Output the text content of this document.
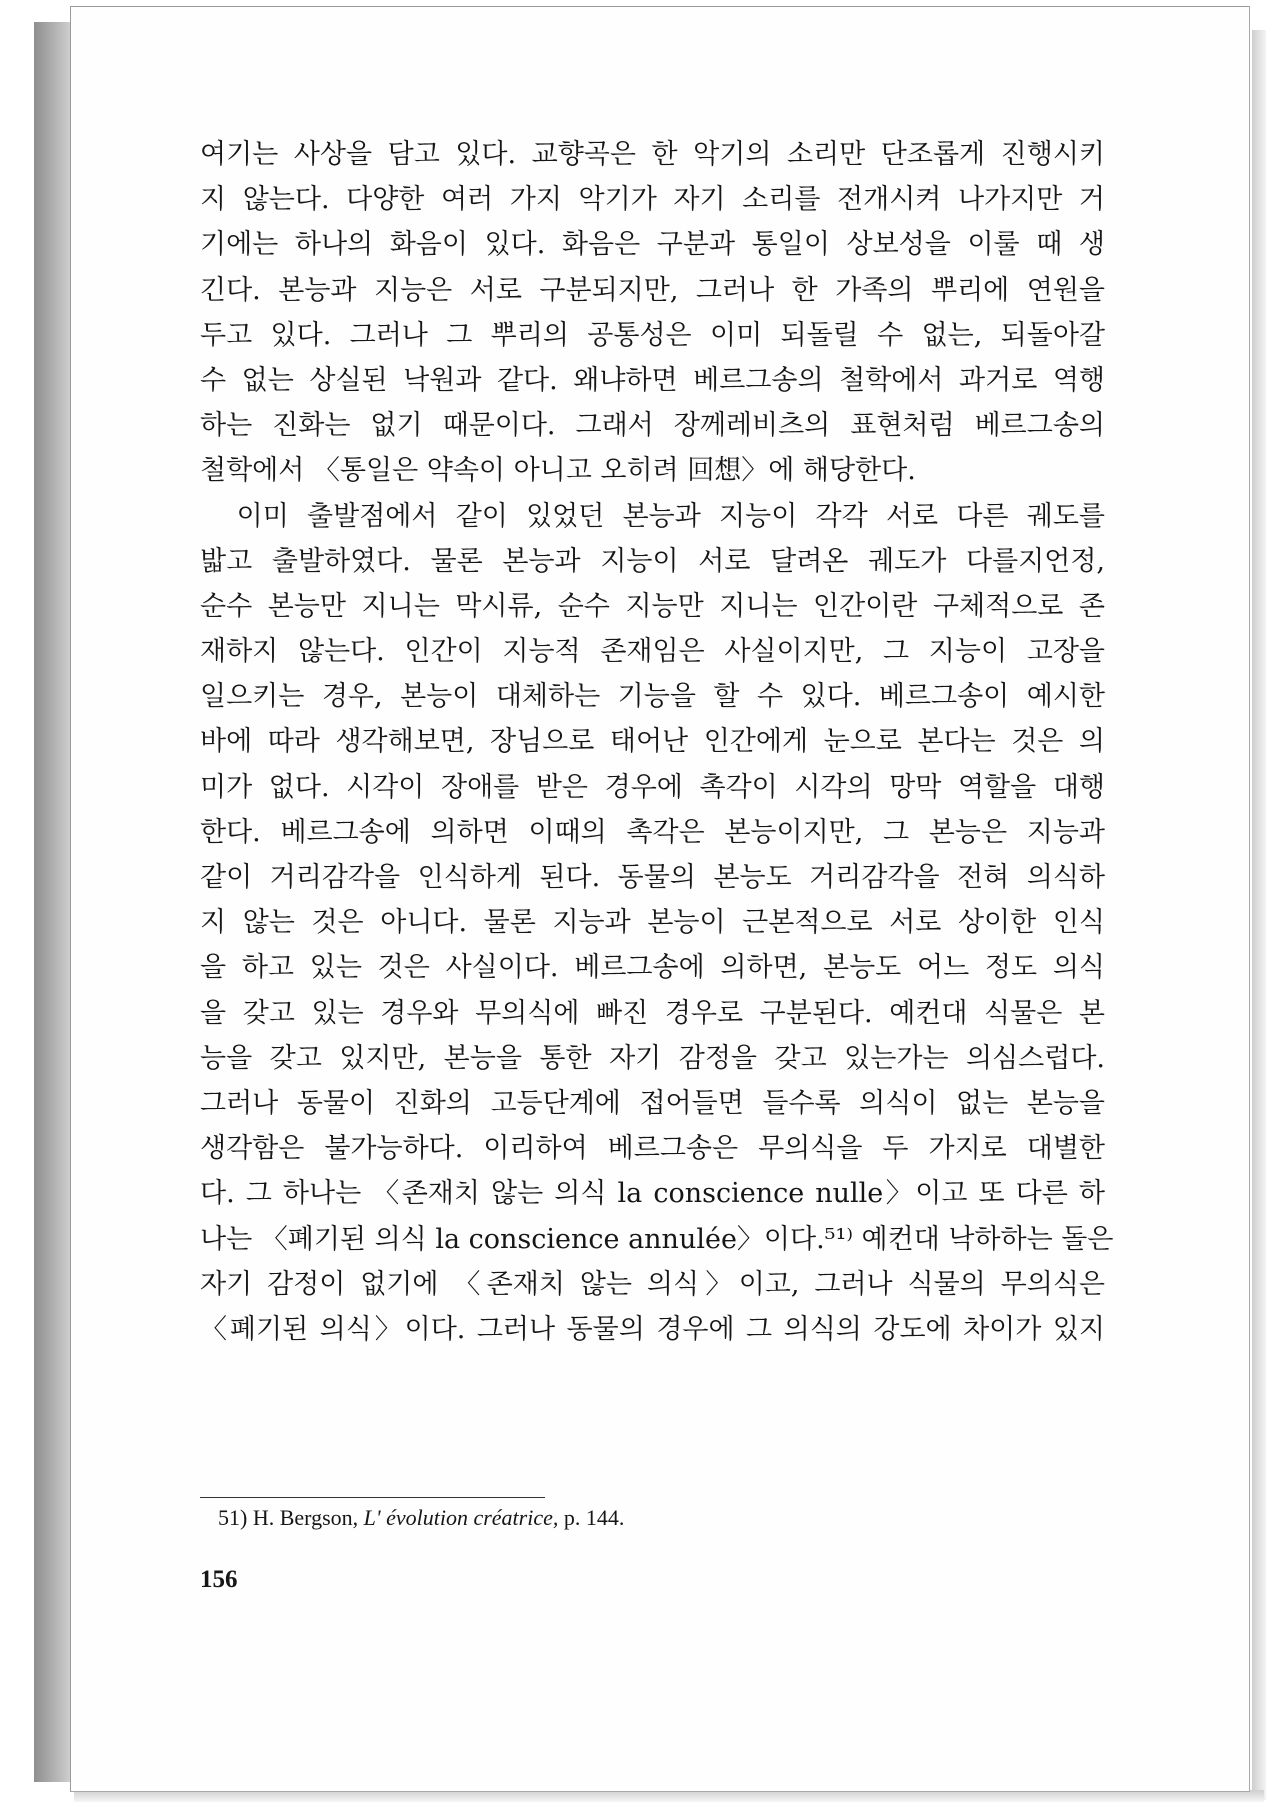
여기는 사상을 담고 있다. 교향곡은 한 악기의 소리만 단조롭게 진행시키
지 않는다. 다양한 여러 가지 악기가 자기 소리를 전개시켜 나가지만 거
기에는 하나의 화음이 있다. 화음은 구분과 통일이 상보성을 이룰 때 생
긴다. 본능과 지능은 서로 구분되지만, 그러나 한 가족의 뿌리에 연원을
두고 있다. 그러나 그 뿌리의 공통성은 이미 되돌릴 수 없는, 되돌아갈
수 없는 상실된 낙원과 같다. 왜냐하면 베르그송의 철학에서 과거로 역행
하는 진화는 없기 때문이다. 그래서 장께레비츠의 표현처럼 베르그송의
철학에서 〈통일은 약속이 아니고 오히려 回想〉에 해당한다.
　이미 출발점에서 같이 있었던 본능과 지능이 각각 서로 다른 궤도를
밟고 출발하였다. 물론 본능과 지능이 서로 달려온 궤도가 다를지언정,
순수 본능만 지니는 막시류, 순수 지능만 지니는 인간이란 구체적으로 존
재하지 않는다. 인간이 지능적 존재임은 사실이지만, 그 지능이 고장을
일으키는 경우, 본능이 대체하는 기능을 할 수 있다. 베르그송이 예시한
바에 따라 생각해보면, 장님으로 태어난 인간에게 눈으로 본다는 것은 의
미가 없다. 시각이 장애를 받은 경우에 촉각이 시각의 망막 역할을 대행
한다. 베르그송에 의하면 이때의 촉각은 본능이지만, 그 본능은 지능과
같이 거리감각을 인식하게 된다. 동물의 본능도 거리감각을 전혀 의식하
지 않는 것은 아니다. 물론 지능과 본능이 근본적으로 서로 상이한 인식
을 하고 있는 것은 사실이다. 베르그송에 의하면, 본능도 어느 정도 의식
을 갖고 있는 경우와 무의식에 빠진 경우로 구분된다. 예컨대 식물은 본
능을 갖고 있지만, 본능을 통한 자기 감정을 갖고 있는가는 의심스럽다.
그러나 동물이 진화의 고등단계에 접어들면 들수록 의식이 없는 본능을
생각함은 불가능하다. 이리하여 베르그송은 무의식을 두 가지로 대별한
다. 그 하나는 〈존재치 않는 의식 la conscience nulle〉이고 또 다른 하
나는 〈폐기된 의식 la conscience annulée〉이다.⁵¹⁾ 예컨대 낙하하는 돌은
자기 감정이 없기에 〈존재치 않는 의식〉이고, 그러나 식물의 무의식은
〈폐기된 의식〉이다. 그러나 동물의 경우에 그 의식의 강도에 차이가 있지
51) H. Bergson, L' évolution créatrice, p. 144.
156
